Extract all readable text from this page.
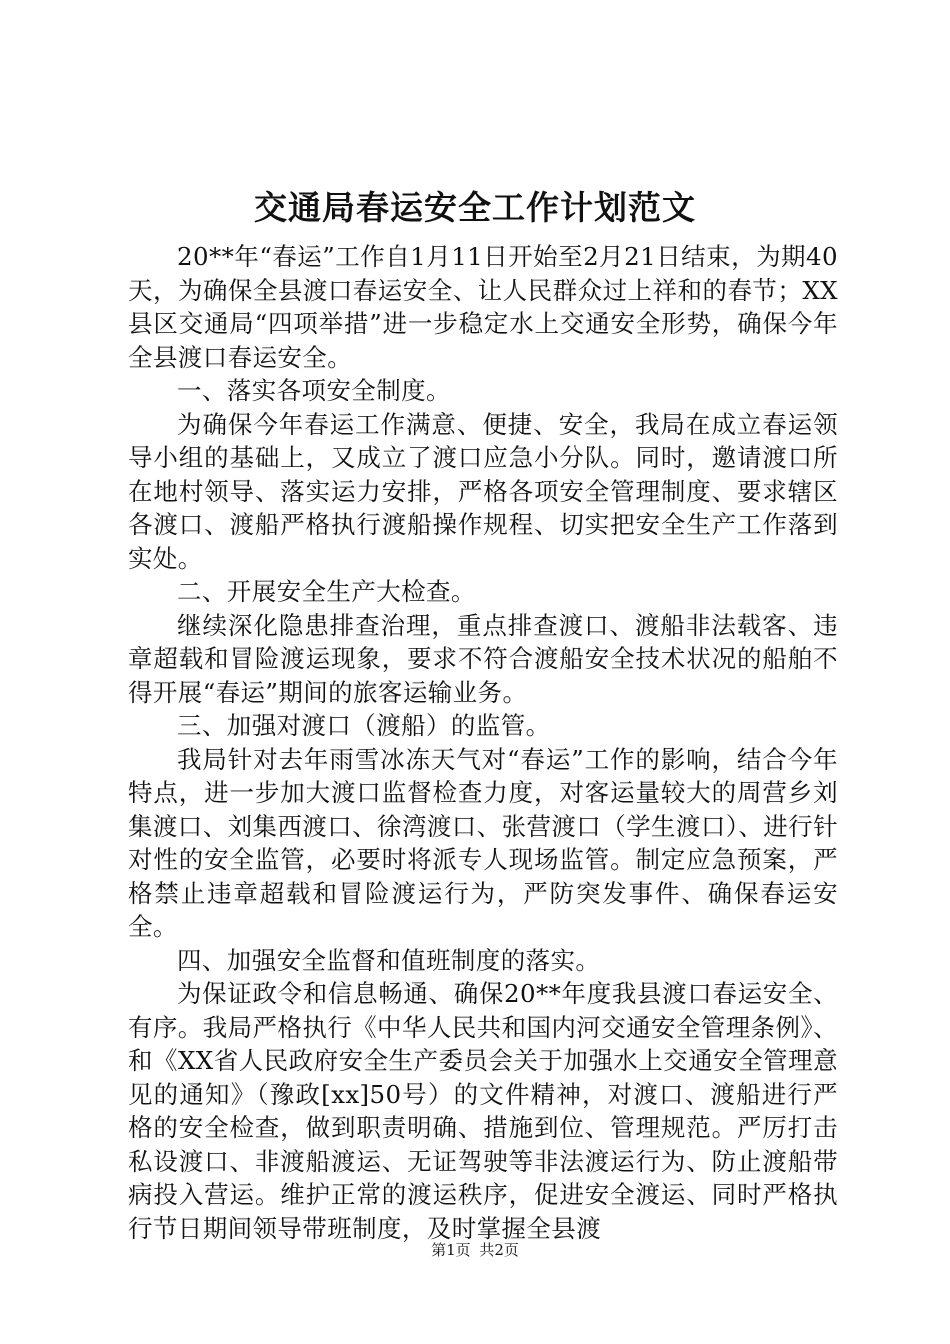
交通局春运安全工作计划范文

20**年“春运”工作自1月11日开始至2月21日结束，为期40天，为确保全县渡口春运安全、让人民群众过上祥和的春节；XX县区交通局“四项举措”进一步稳定水上交通安全形势，确保今年全县渡口春运安全。

一、落实各项安全制度。

为确保今年春运工作满意、便捷、安全，我局在成立春运领导小组的基础上，又成立了渡口应急小分队。同时，邀请渡口所在地村领导、落实运力安排，严格各项安全管理制度、要求辖区各渡口、渡船严格执行渡船操作规程、切实把安全生产工作落到实处。

二、开展安全生产大检查。

继续深化隐患排查治理，重点排查渡口、渡船非法载客、违章超载和冒险渡运现象，要求不符合渡船安全技术状况的船舶不得开展“春运”期间的旅客运输业务。

三、加强对渡口（渡船）的监管。

我局针对去年雨雪冰冻天气对“春运”工作的影响，结合今年特点，进一步加大渡口监督检查力度，对客运量较大的周营乡刘集渡口、刘集西渡口、徐湾渡口、张营渡口（学生渡口）、进行针对性的安全监管，必要时将派专人现场监管。制定应急预案，严格禁止违章超载和冒险渡运行为，严防突发事件、确保春运安全。

四、加强安全监督和值班制度的落实。

为保证政令和信息畅通、确保20**年度我县渡口春运安全、有序。我局严格执行《中华人民共和国内河交通安全管理条例》、和《XX省人民政府安全生产委员会关于加强水上交通安全管理意见的通知》（豫政[xx]50号）的文件精神，对渡口、渡船进行严格的安全检查，做到职责明确、措施到位、管理规范。严厉打击私设渡口、非渡船渡运、无证驾驶等非法渡运行为、防止渡船带病投入营运。维护正常的渡运秩序，促进安全渡运、同时严格执行节日期间领导带班制度，及时掌握全县渡

第1页 共2页
